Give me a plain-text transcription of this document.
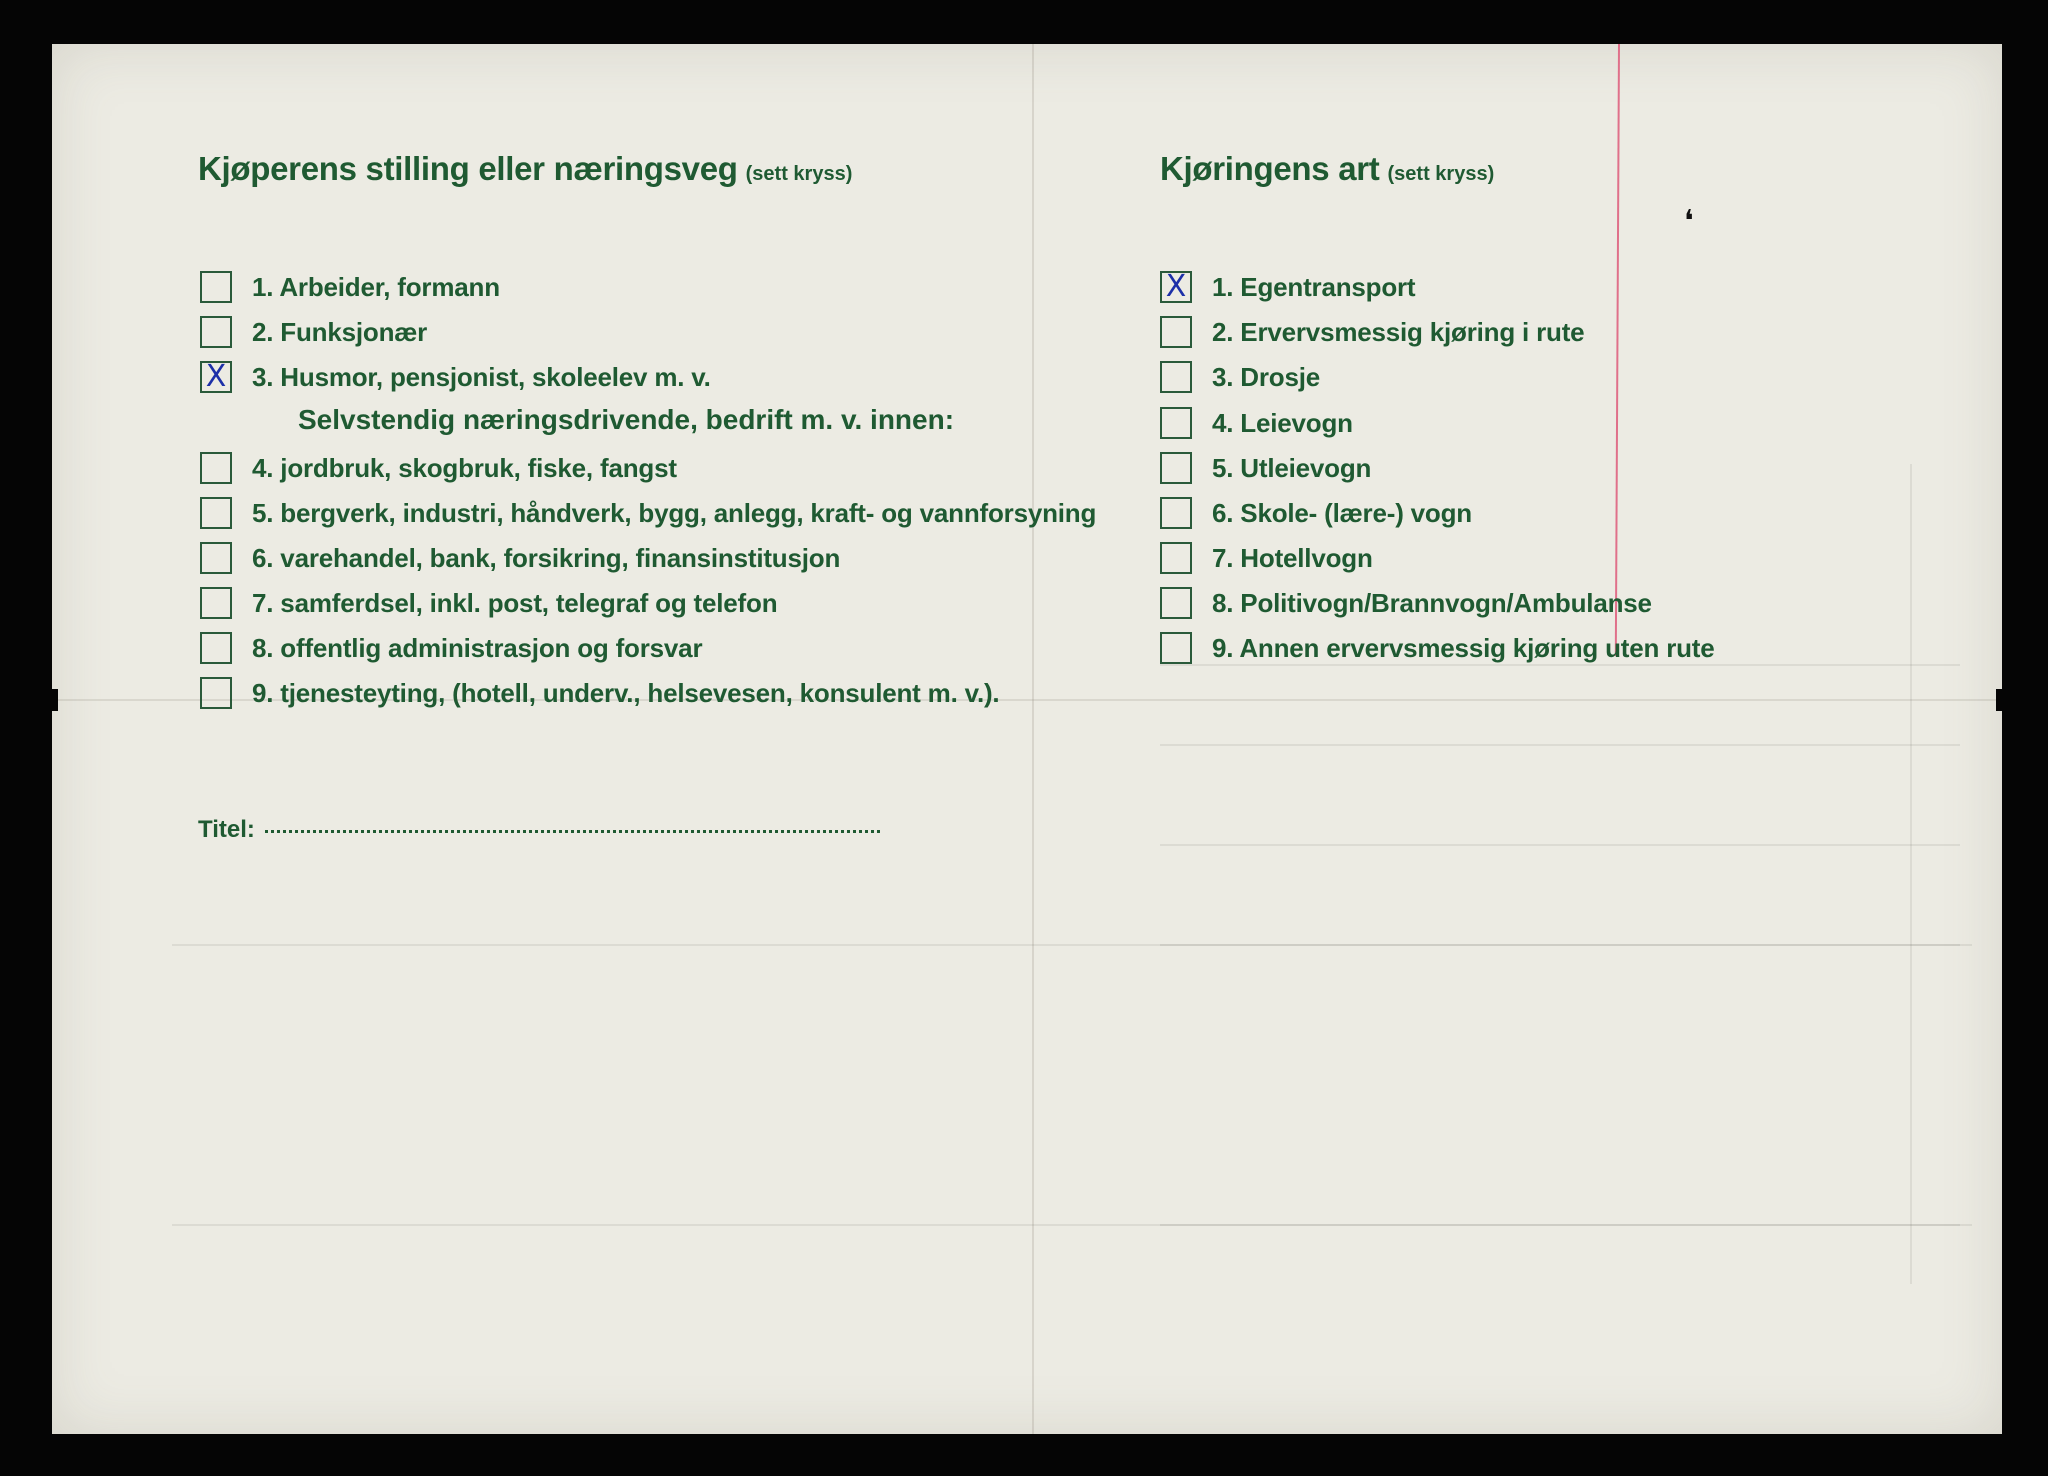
❛
Kjøperens stilling eller næringsveg (sett kryss)
1. Arbeider, formann
2. Funksjonær
X 3. Husmor, pensjonist, skoleelev m. v.
Selvstendig næringsdrivende, bedrift m. v. innen:
4. jordbruk, skogbruk, fiske, fangst
5. bergverk, industri, håndverk, bygg, anlegg, kraft- og vannforsyning
6. varehandel, bank, forsikring, finansinstitusjon
7. samferdsel, inkl. post, telegraf og telefon
8. offentlig administrasjon og forsvar
9. tjenesteyting, (hotell, underv., helsevesen, konsulent m. v.).
Titel:
Kjøringens art (sett kryss)
X 1. Egentransport
2. Ervervsmessig kjøring i rute
3. Drosje
4. Leievogn
5. Utleievogn
6. Skole- (lære-) vogn
7. Hotellvogn
8. Politivogn/Brannvogn/Ambulanse
9. Annen ervervsmessig kjøring uten rute
